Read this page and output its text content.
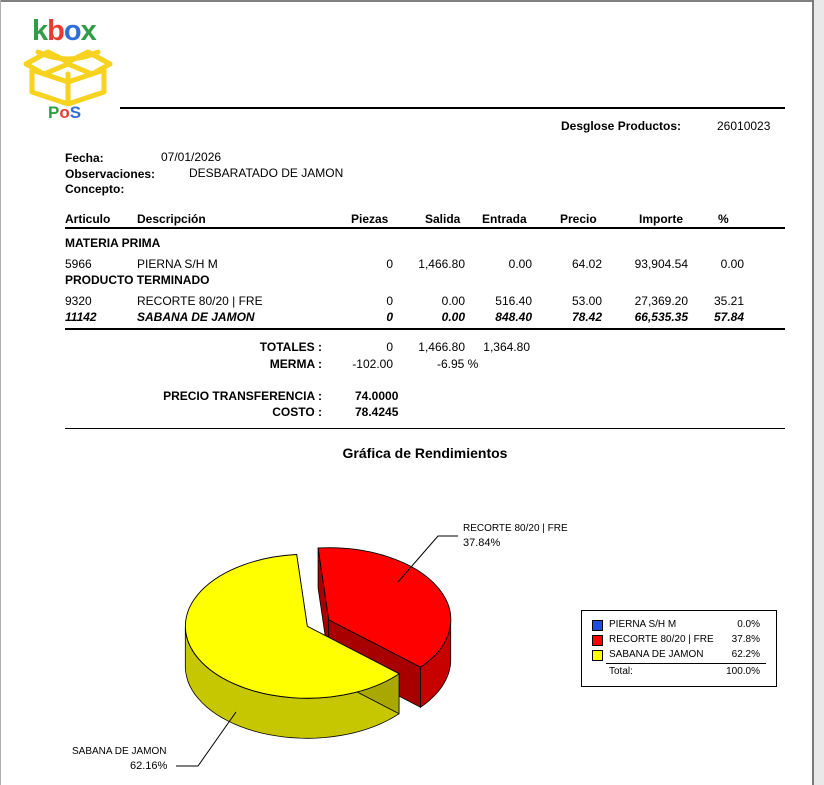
kbox
PoS
Desglose Productos:	26010023
Fecha:	07/01/2026
Observaciones:	DESBARATADO DE JAMON
Concepto:
Articulo Descripción	Piezas	Salida Entrada	Precio	Importe	%
MATERIA PRIMA
5966	PIERNA S/H M	0	1,466.80	0.00	64.02	93,904.54	0.00
PRODUCTO TERMINADO
9320	RECORTE 80/20 | FRE	0	0.00	516.40	53.00	27,369.20	35.21
11142	SABANA DE JAMON	0	0.00	848.40	78.42	66,535.35	57.84
TOTALES :	0	1,466.80	1,364.80
MERMA :	-102.00	-6.95 %
PRECIO TRANSFERENCIA :	74.0000
COSTO :	78.4245
Gráfica de Rendimientos
RECORTE 80/20 | FRE
37.84%
SABANA DE JAMON
62.16%
PIERNA S/H M	0.0%
RECORTE 80/20 | FRE	37.8%
SABANA DE JAMON	62.2%
Total:	100.0%
